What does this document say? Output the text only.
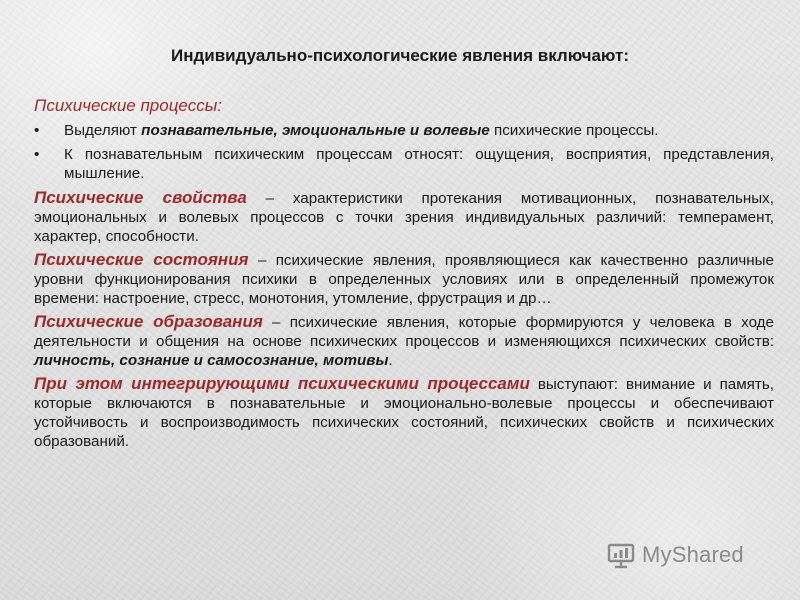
Индивидуально-психологические явления включают:
Психические процессы:
• Выделяют познавательные, эмоциональные и волевые психические процессы.
• К познавательным психическим процессам относят: ощущения, восприятия, представления, мышление.

Психические свойства – характеристики протекания мотивационных, познавательных, эмоциональных и волевых процессов с точки зрения индивидуальных различий: темперамент, характер, способности.

Психические состояния – психические явления, проявляющиеся как качественно различные уровни функционирования психики в определенных условиях или в определенный промежуток времени: настроение, стресс, монотония, утомление, фрустрация и др…

Психические образования – психические явления, которые формируются у человека в ходе деятельности и общения на основе психических процессов и изменяющихся психических свойств: личность, сознание и самосознание, мотивы.

При этом интегрирующими психическими процессами выступают: внимание и память, которые включаются в познавательные и эмоционально-волевые процессы и обеспечивают устойчивость и воспроизводимость психических состояний, психических свойств и психических образований.

MyShared
